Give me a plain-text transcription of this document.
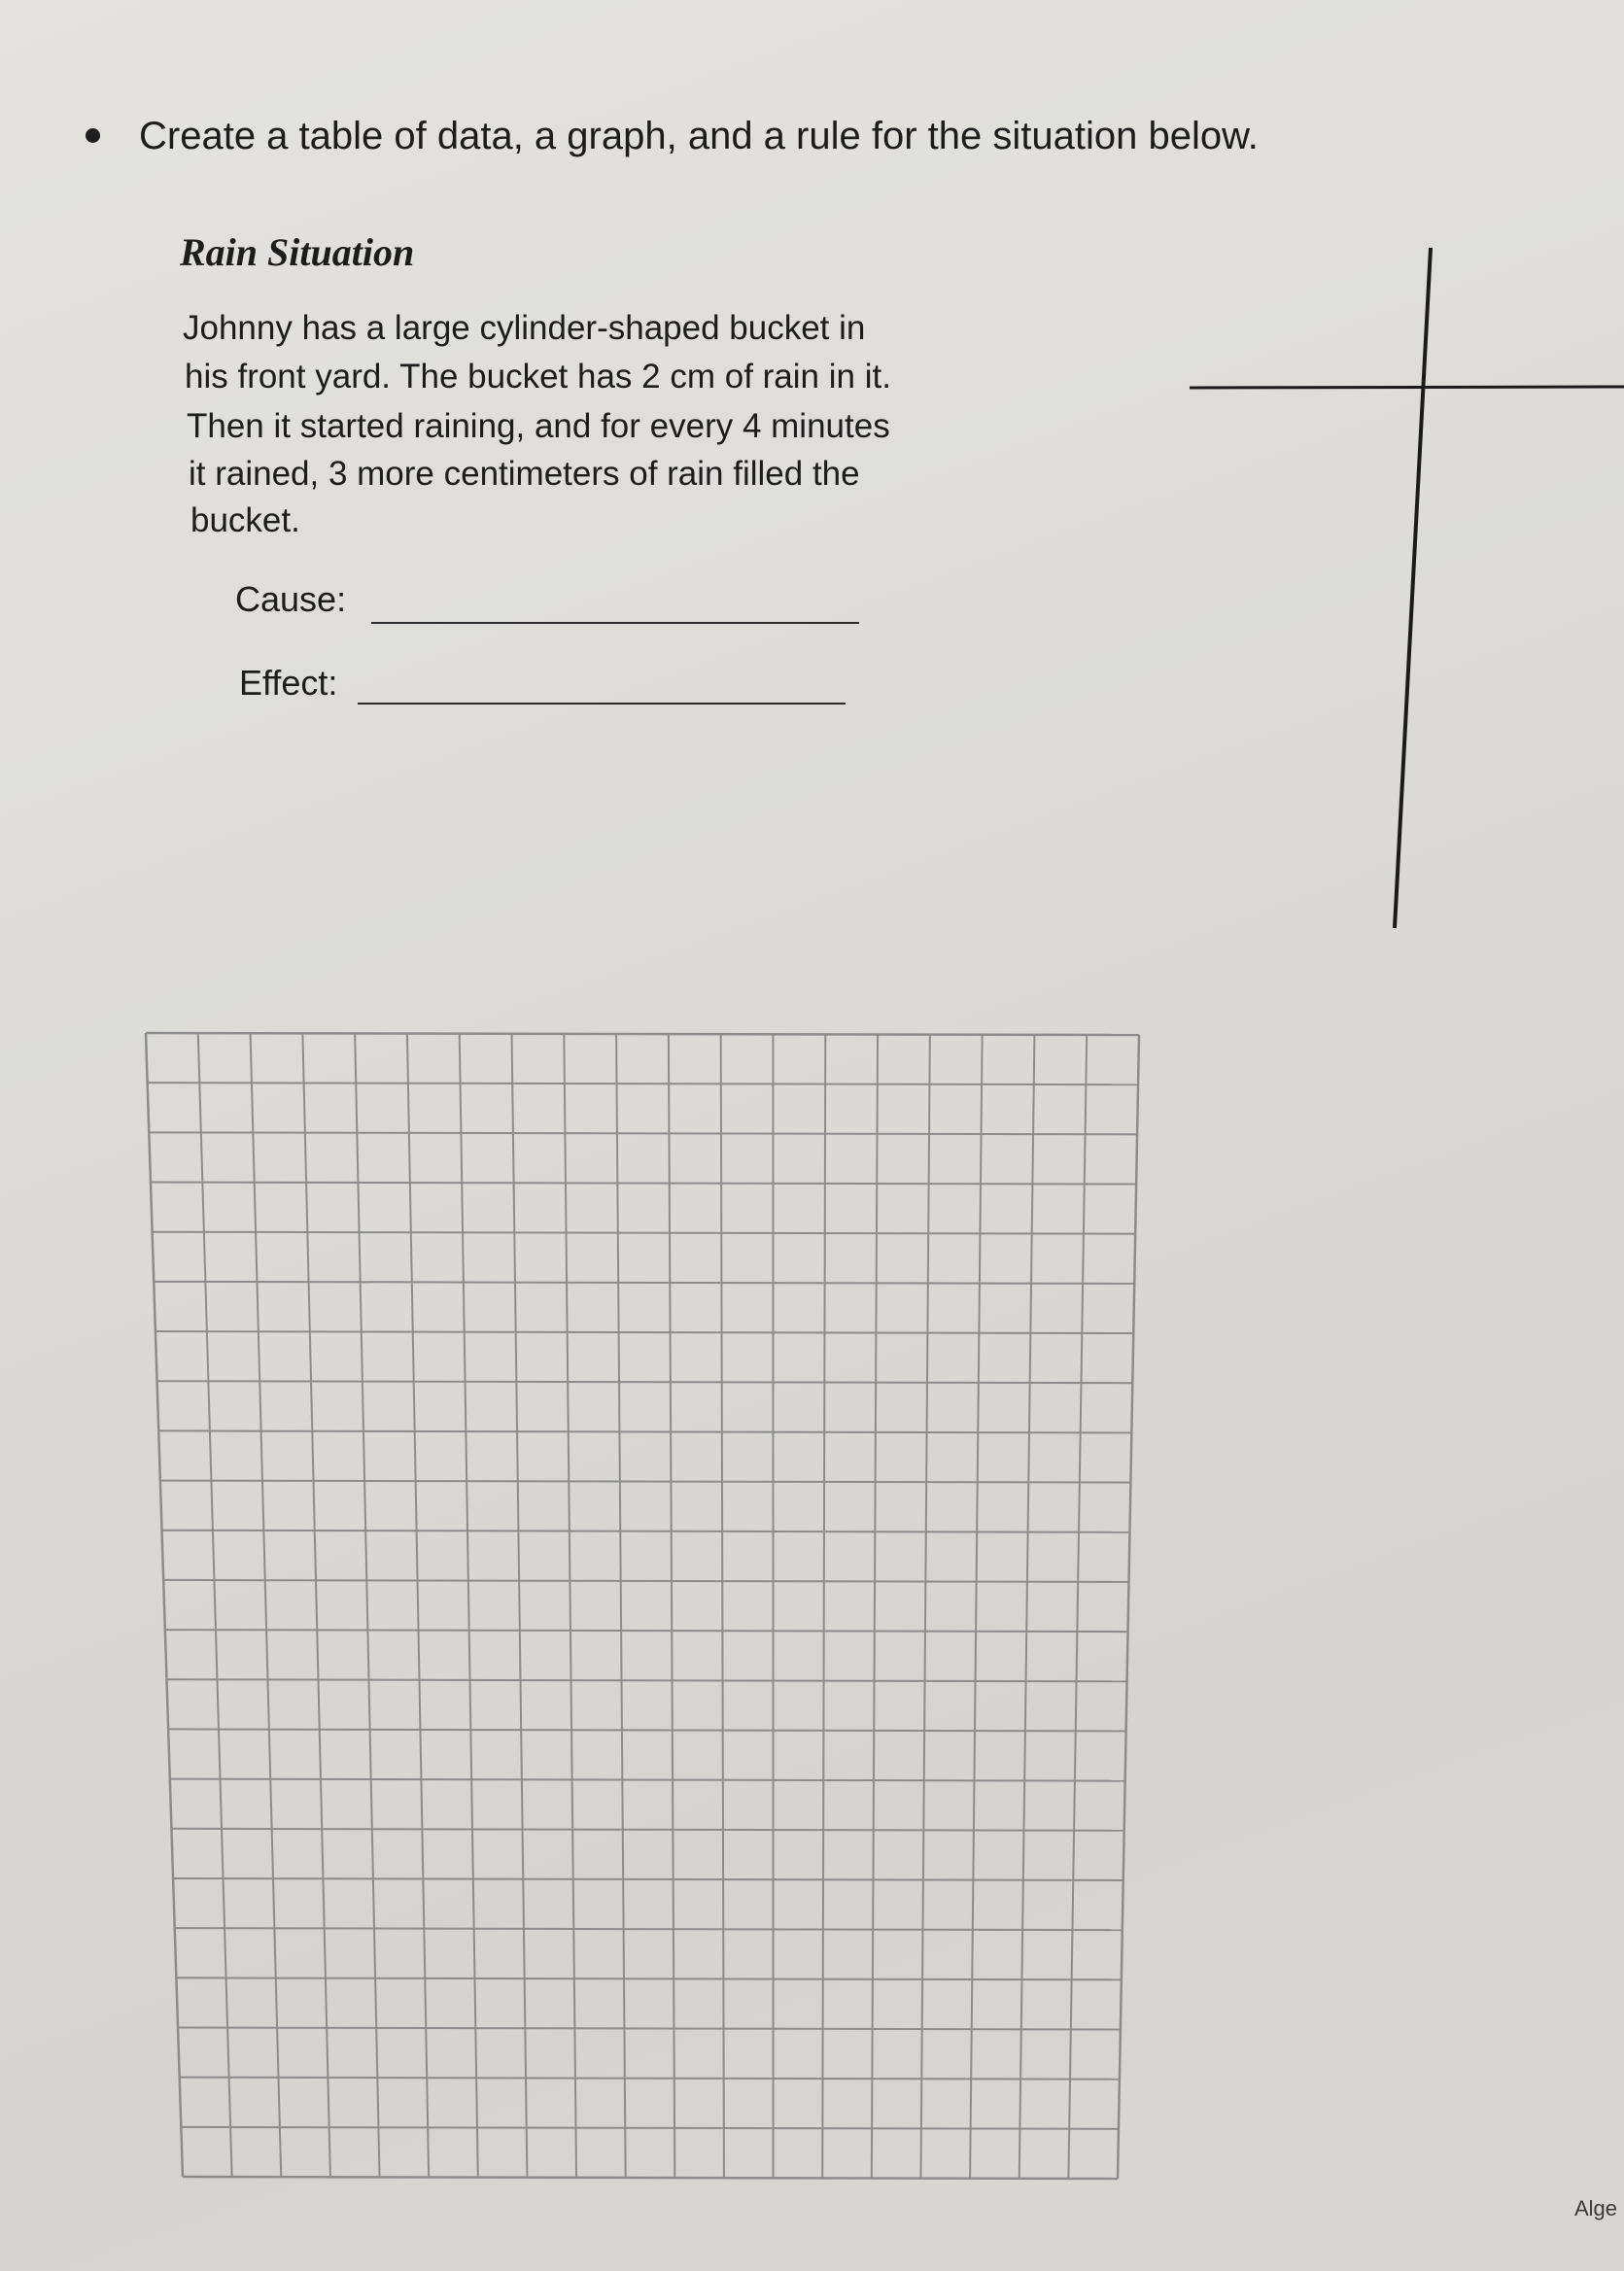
Create a table of data, a graph, and a rule for the situation below.
Rain Situation
Johnny has a large cylinder-shaped bucket in
his front yard. The bucket has 2 cm of rain in it.
Then it started raining, and for every 4 minutes
it rained, 3 more centimeters of rain filled the
bucket.
Cause:
Effect:
Alge
